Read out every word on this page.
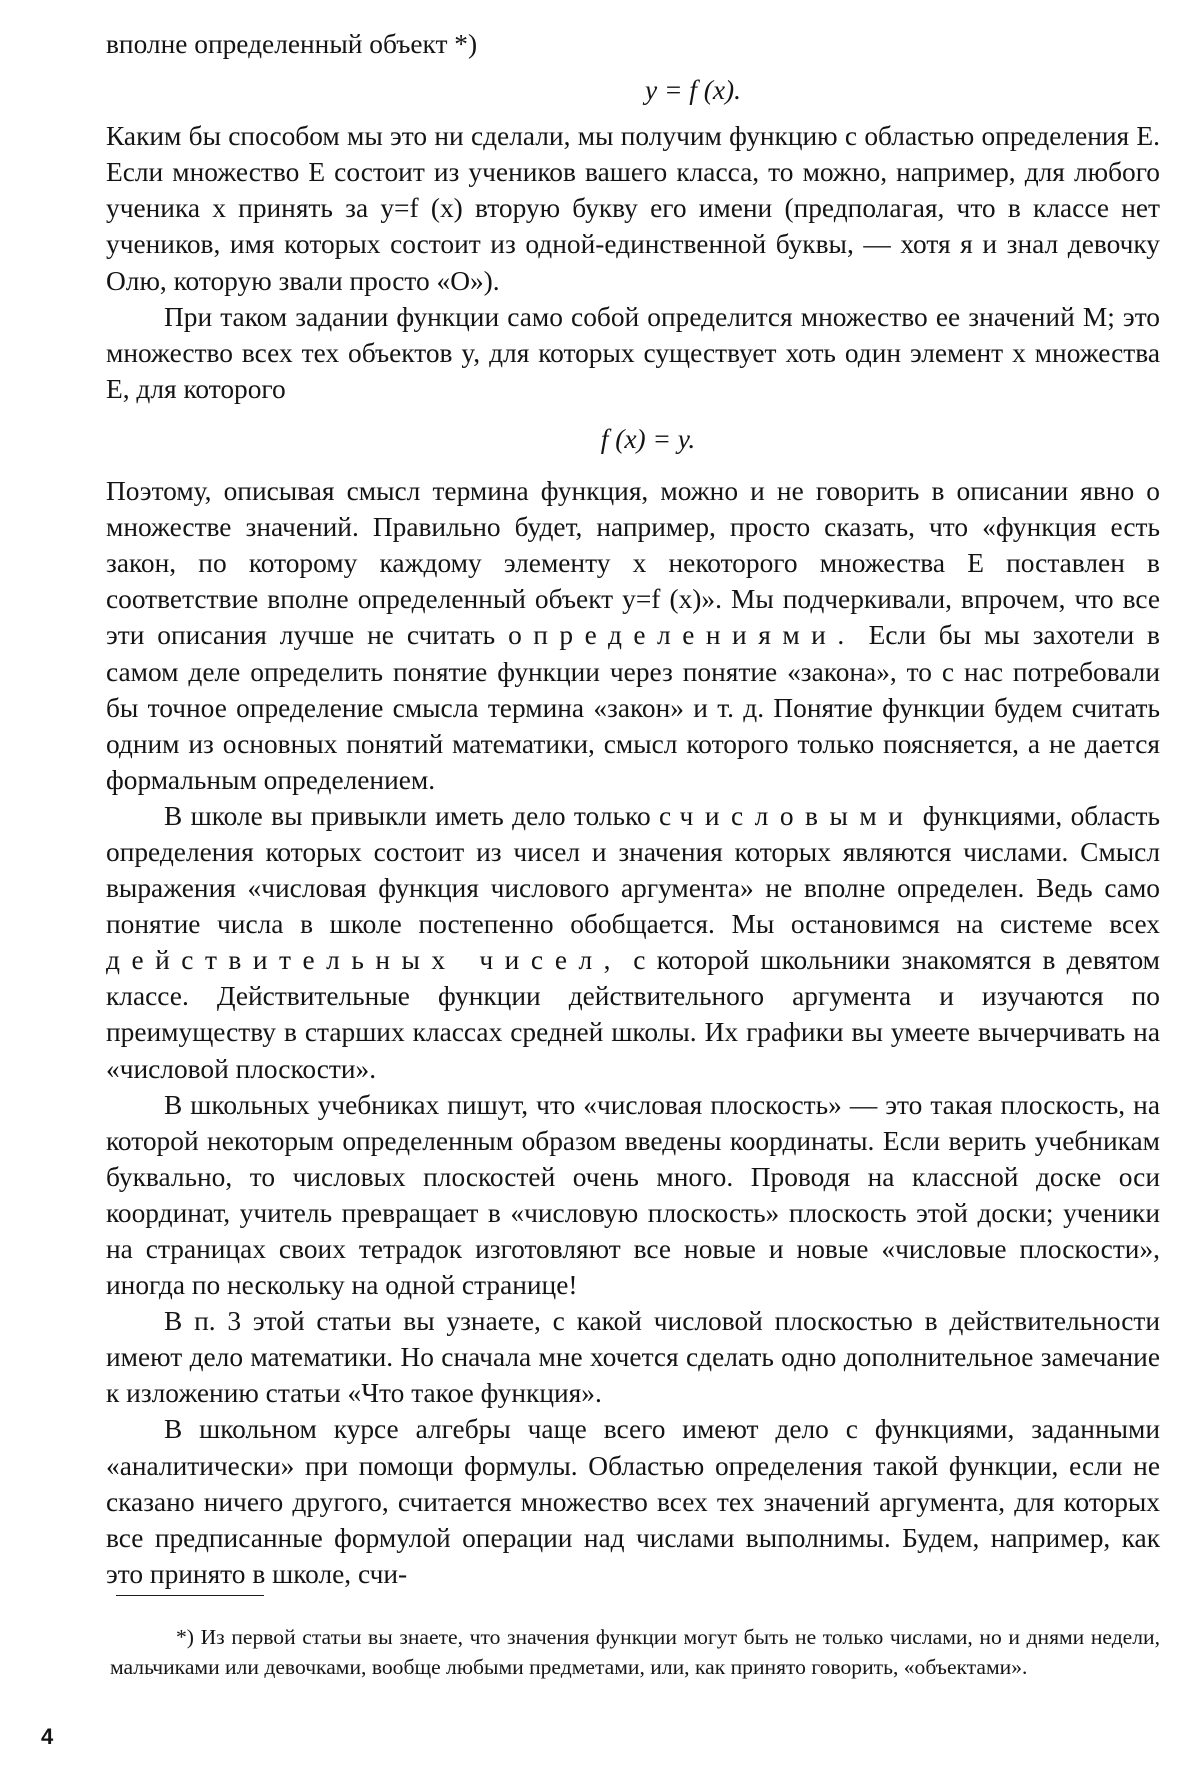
вполне определенный объект *)

y = f (x).

Каким бы способом мы это ни сделали, мы получим функцию с областью определения E. Если множество E состоит из учеников вашего класса, то можно, например, для любого ученика x принять за y=f (x) вторую букву его имени (предполагая, что в классе нет учеников, имя которых состоит из одной-единственной буквы, — хотя я и знал девочку Олю, которую звали просто «О»).

При таком задании функции само собой определится множество ее значений M; это множество всех тех объектов y, для которых существует хоть один элемент x множества E, для которого

f (x) = y.

Поэтому, описывая смысл термина функция, можно и не говорить в описании явно о множестве значений. Правильно будет, например, просто сказать, что «функция есть закон, по которому каждому элементу x некоторого множества E поставлен в соответствие вполне определенный объект y=f (x)». Мы подчеркивали, впрочем, что все эти описания лучше не считать определениями. Если бы мы захотели в самом деле определить понятие функции через понятие «закона», то с нас потребовали бы точное определение смысла термина «закон» и т. д. Понятие функции будем считать одним из основных понятий математики, смысл которого только поясняется, а не дается формальным определением.

В школе вы привыкли иметь дело только с числовыми функциями, область определения которых состоит из чисел и значения которых являются числами. Смысл выражения «числовая функция числового аргумента» не вполне определен. Ведь само понятие числа в школе постепенно обобщается. Мы остановимся на системе всех действительных чисел, с которой школьники знакомятся в девятом классе. Действительные функции действительного аргумента и изучаются по преимуществу в старших классах средней школы. Их графики вы умеете вычерчивать на «числовой плоскости».

В школьных учебниках пишут, что «числовая плоскость» — это такая плоскость, на которой некоторым определенным образом введены координаты. Если верить учебникам буквально, то числовых плоскостей очень много. Проводя на классной доске оси координат, учитель превращает в «числовую плоскость» плоскость этой доски; ученики на страницах своих тетрадок изготовляют все новые и новые «числовые плоскости», иногда по нескольку на одной странице!

В п. 3 этой статьи вы узнаете, с какой числовой плоскостью в действительности имеют дело математики. Но сначала мне хочется сделать одно дополнительное замечание к изложению статьи «Что такое функция».

В школьном курсе алгебры чаще всего имеют дело с функциями, заданными «аналитически» при помощи формулы. Областью определения такой функции, если не сказано ничего другого, считается множество всех тех значений аргумента, для которых все предписанные формулой операции над числами выполнимы. Будем, например, как это принято в школе, счи-

*) Из первой статьи вы знаете, что значения функции могут быть не только числами, но и днями недели, мальчиками или девочками, вообще любыми предметами, или, как принято говорить, «объектами».

4
